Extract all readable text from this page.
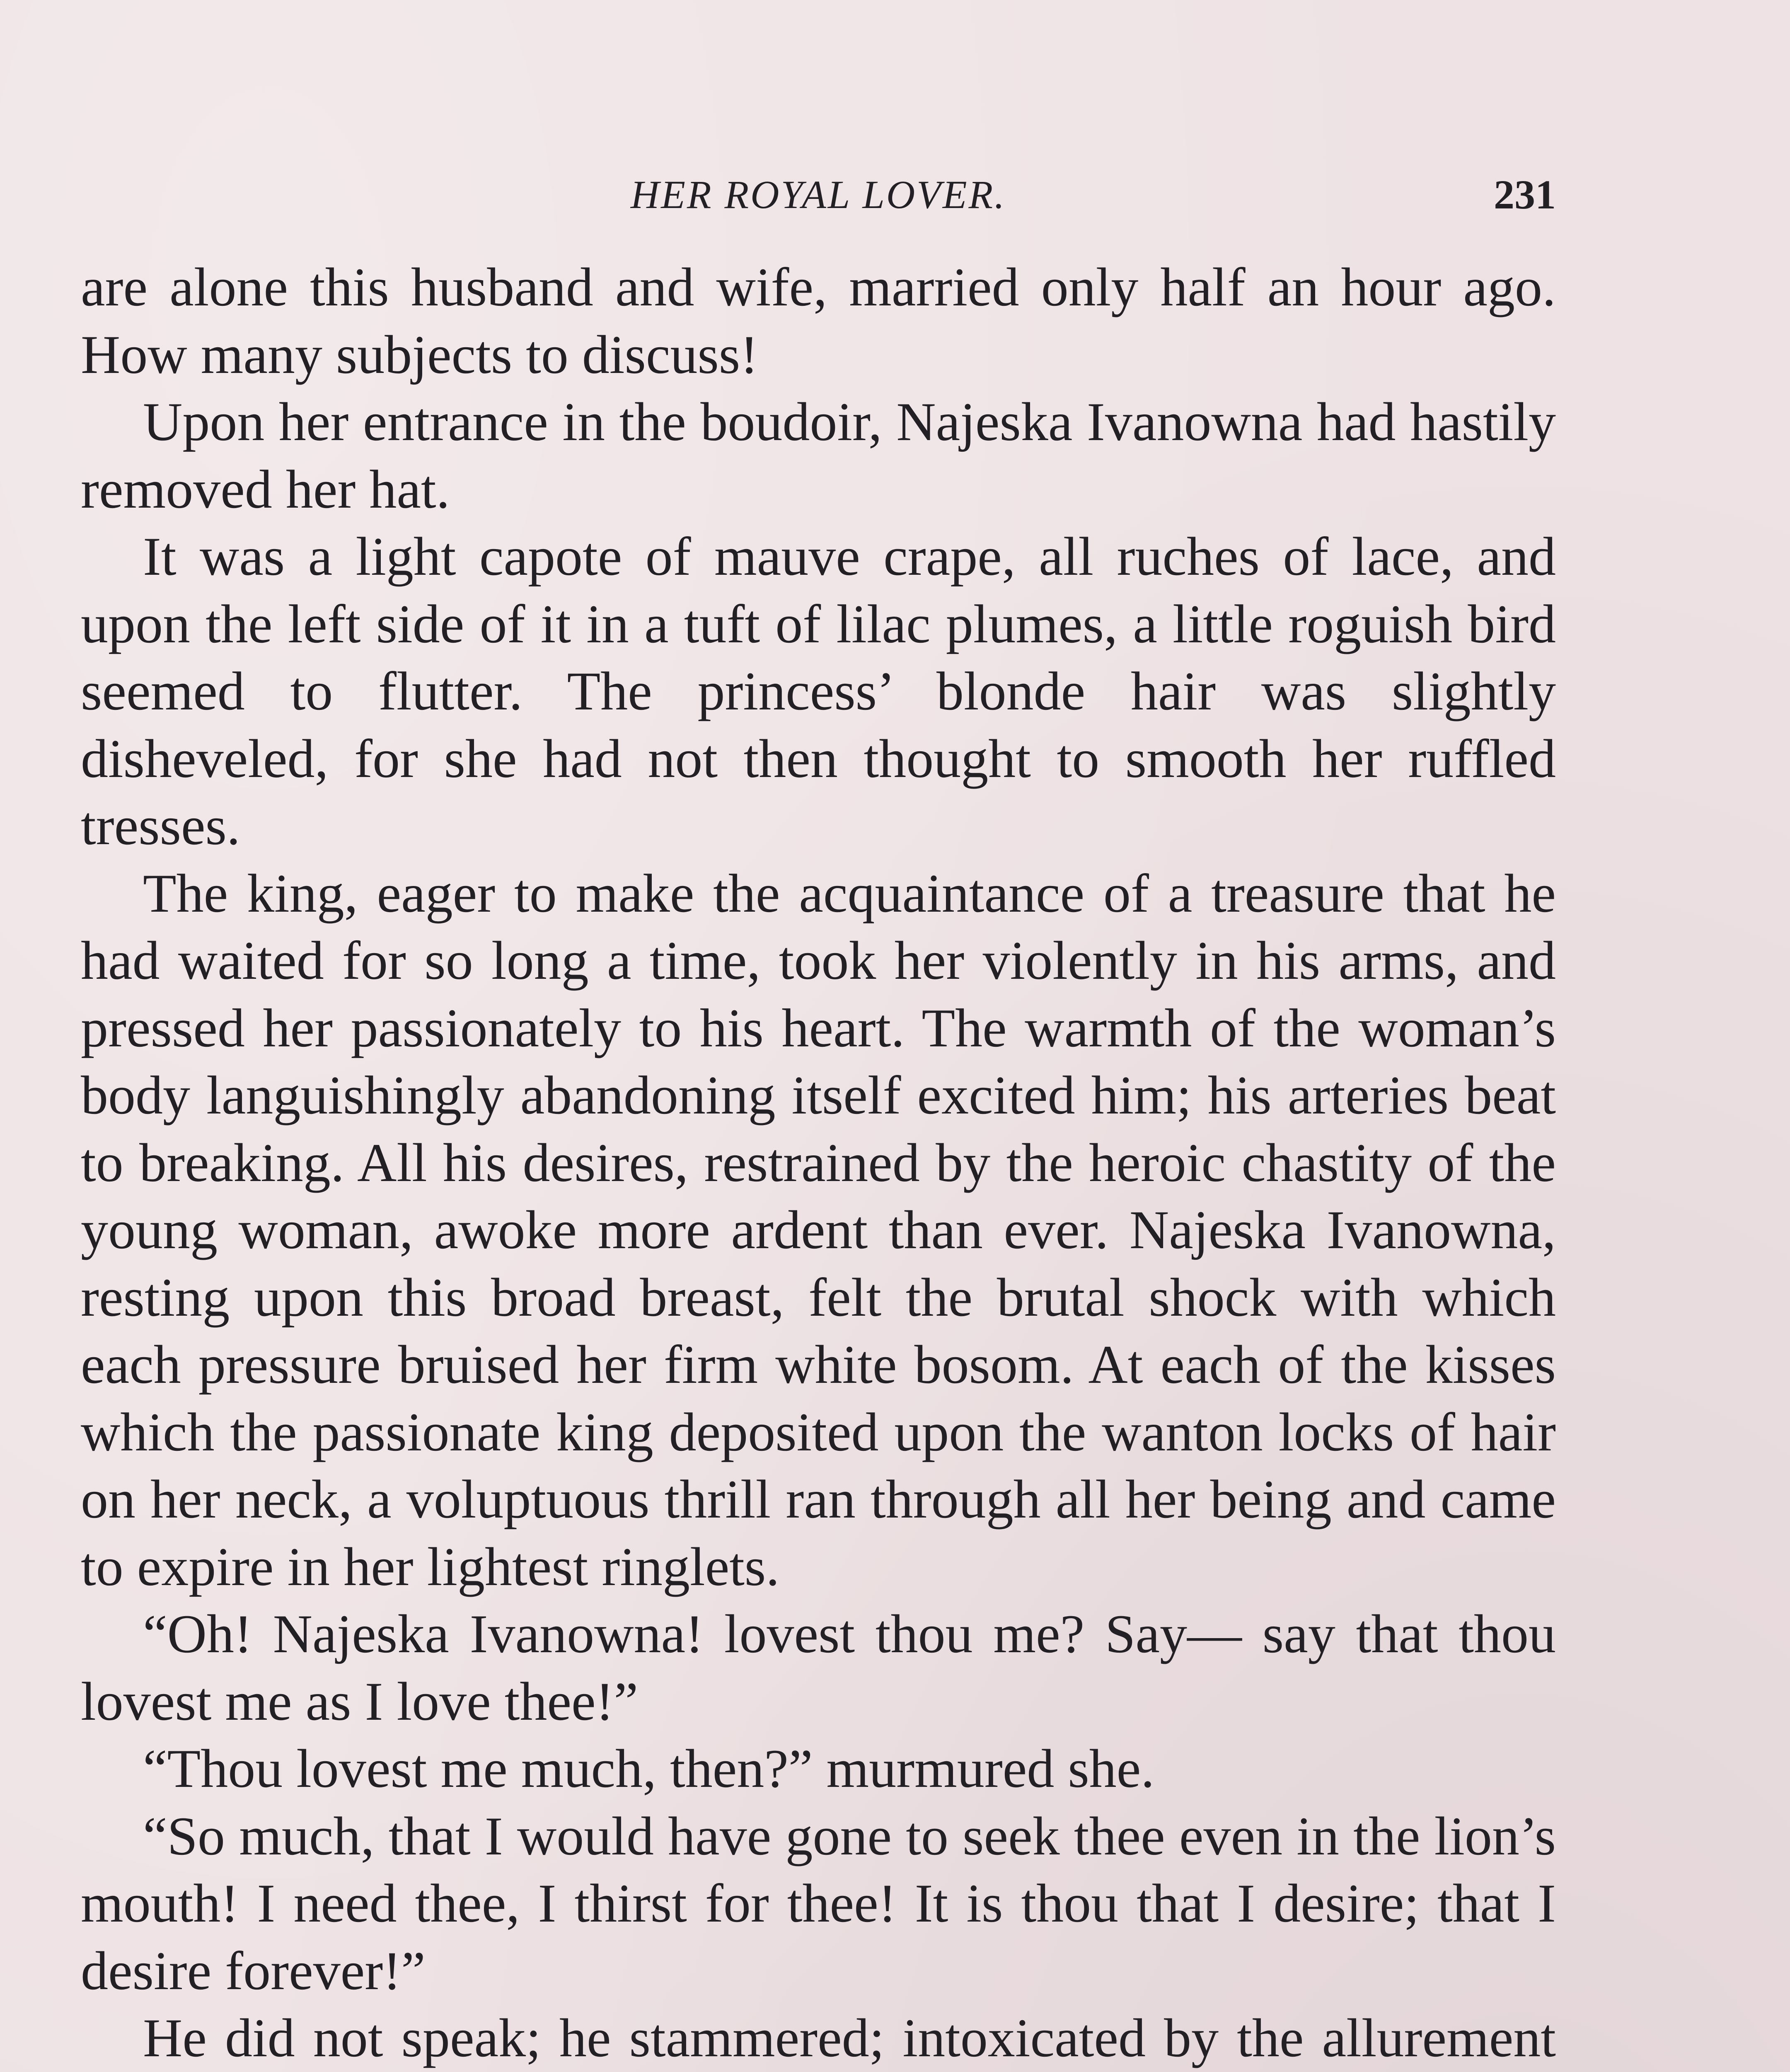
HER ROYAL LOVER.	231

are alone this husband and wife, married only half an hour ago. How many subjects to discuss!

Upon her entrance in the boudoir, Najeska Ivanowna had hastily removed her hat.

It was a light capote of mauve crape, all ruches of lace, and upon the left side of it in a tuft of lilac plumes, a little roguish bird seemed to flutter. The princess’ blonde hair was slightly disheveled, for she had not then thought to smooth her ruffled tresses.

The king, eager to make the acquaintance of a treasure that he had waited for so long a time, took her violently in his arms, and pressed her passionately to his heart. The warmth of the woman’s body languishingly abandoning itself excited him; his arteries beat to breaking. All his desires, restrained by the heroic chastity of the young woman, awoke more ardent than ever. Najeska Ivanowna, resting upon this broad breast, felt the brutal shock with which each pressure bruised her firm white bosom. At each of the kisses which the passionate king deposited upon the wanton locks of hair on her neck, a voluptuous thrill ran through all her being and came to expire in her lightest ringlets.

“Oh! Najeska Ivanowna! lovest thou me? Say— say that thou lovest me as I love thee!”

“Thou lovest me much, then?” murmured she.

“So much, that I would have gone to seek thee even in the lion’s mouth! I need thee, I thirst for thee! It is thou that I desire; that I desire forever!”

He did not speak; he stammered; intoxicated by the allurement
